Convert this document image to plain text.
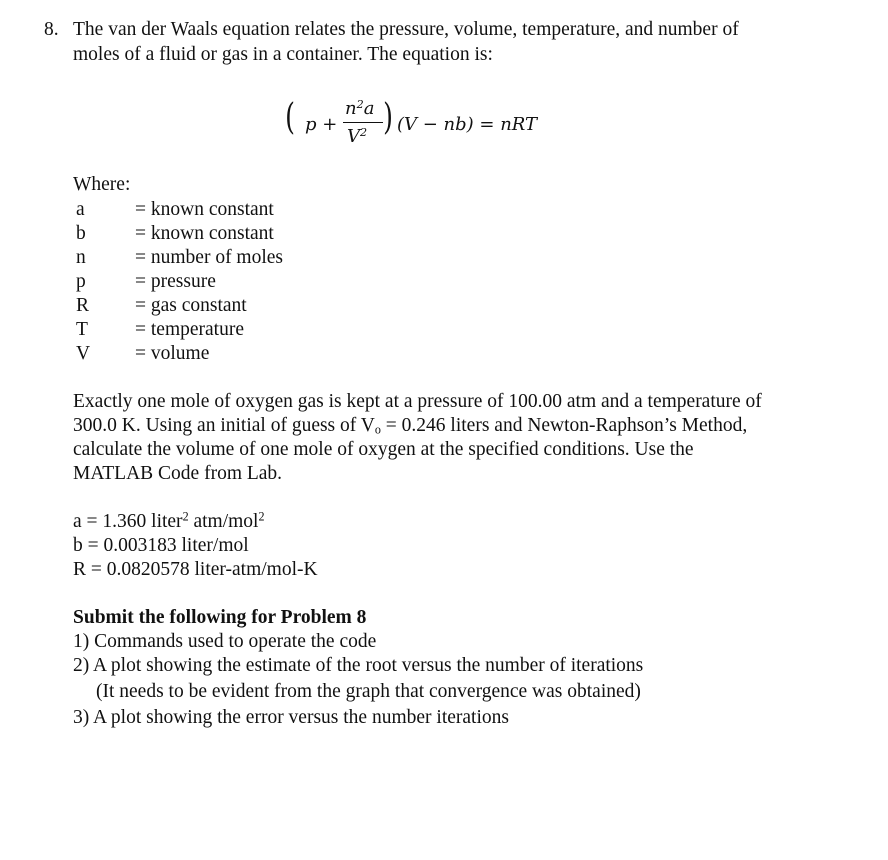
8. The van der Waals equation relates the pressure, volume, temperature, and number of
moles of a fluid or gas in a container. The equation is:
( p +
$n^2a$
$V^2$ ) (V − nb) = nRT
Where:
a	= known constant
b	= known constant
n	= number of moles
p	= pressure
R = gas constant
T = temperature
V = volume
Exactly one mole of oxygen gas is kept at a pressure of 100.00 atm and a temperature of
300.0 K. Using an initial of guess of $V_o = 0.246$ liters and Newton-Raphson’s Method,
calculate the volume of one mole of oxygen at the specified conditions. Use the
MATLAB Code from Lab.
a = 1.360 liter$^2$ atm/mol$^2$
b = 0.003183 liter/mol
R = 0.0820578 liter-atm/mol-K
Submit the following for Problem 8
1) Commands used to operate the code
2) A plot showing the estimate of the root versus the number of iterations
(It needs to be evident from the graph that convergence was obtained)
3) A plot showing the error versus the number iterations
